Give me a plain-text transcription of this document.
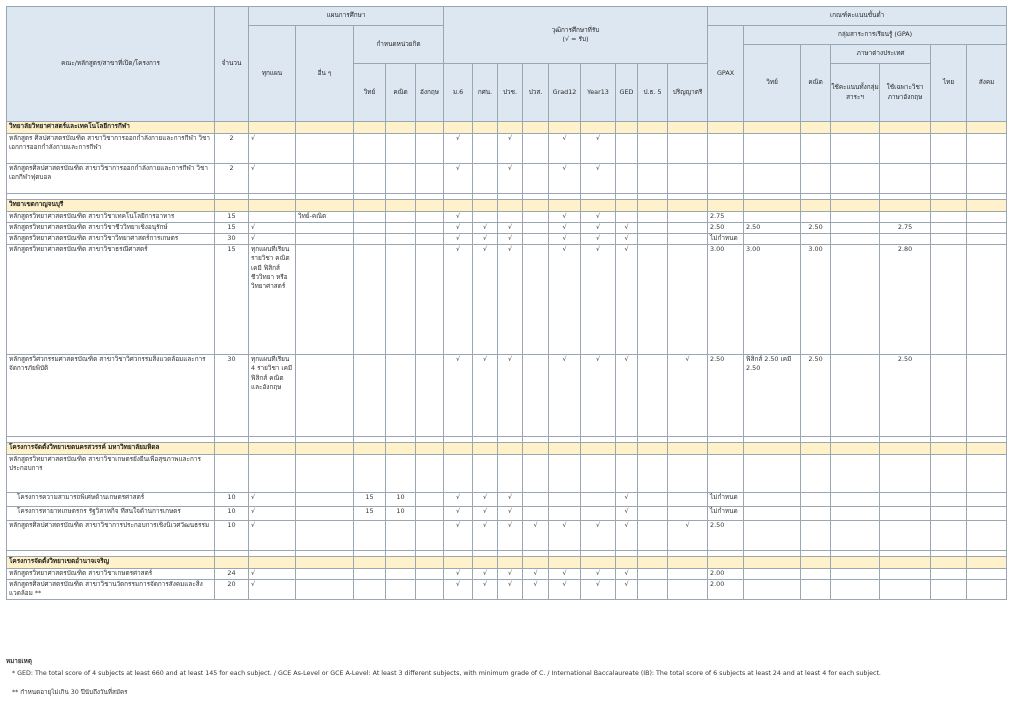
คณะ/หลักสูตร/สาขาที่เปิด/โครงการ	จำนวน	แผนการศึกษา					วุฒิการศึกษาที่รับ
(√ = รับ)									เกณฑ์คะแนนขั้นต่ำ						
		ทุกแผน	อื่น ๆ	กำหนดหน่วยกิต												GPAX	กลุ่มสาระการเรียนรู้ (GPA)					
																	วิทย์	คณิต	ภาษาต่างประเทศ		ไทย	สังคม
				วิทย์	คณิต	อังกฤษ	ม.6	กศน.	ปวช.	ปวส.	Grad12	Year13	GED	ป.ธ. 5	ปริญญาตรี				ใช้คะแนนทั้งกลุ่มสาระฯ	ใช้เฉพาะวิชาภาษาอังกฤษ		
วิทยาลัยวิทยาศาสตร์และเทคโนโลยีการกีฬา																						
หลักสูตร ศิลปศาสตรบัณฑิต สาขาวิชาการออกกำลังกายและการกีฬา วิชาเอกการออกกำลังกายและการกีฬา	2	√					√		√		√	√										
หลักสูตรศิลปศาสตรบัณฑิต สาขาวิชาการออกกำลังกายและการกีฬา วิชาเอกกีฬาฟุตบอล	2	√					√		√		√	√										

วิทยาเขตกาญจนบุรี																						
หลักสูตรวิทยาศาสตรบัณฑิต สาขาวิชาเทคโนโลยีการอาหาร	15		วิทย์-คณิต				√				√	√				2.75						
หลักสูตรวิทยาศาสตรบัณฑิต สาขาวิชาชีววิทยาเชิงอนุรักษ์	15	√					√	√	√		√	√	√			2.50	2.50	2.50		2.75		
หลักสูตรวิทยาศาสตรบัณฑิต สาขาวิชาวิทยาศาสตร์การเกษตร	30	√					√	√	√		√	√	√			ไม่กำหนด						
หลักสูตรวิทยาศาสตรบัณฑิต สาขาวิชาธรณีศาสตร์	15	ทุกแผนที่เรียนรายวิชา คณิต เคมี ฟิสิกส์ ชีววิทยา หรือ วิทยาศาสตร์					√	√	√		√	√	√			3.00	3.00	3.00		2.80		
หลักสูตรวิศวกรรมศาสตรบัณฑิต สาขาวิชาวิศวกรรมสิ่งแวดล้อมและการจัดการภัยพิบัติ	30	ทุกแผนที่เรียน 4 รายวิชา เคมี ฟิสิกส์ คณิต และอังกฤษ					√	√	√		√	√	√		√	2.50	ฟิสิกส์ 2.50 เคมี 2.50	2.50		2.50		

โครงการจัดตั้งวิทยาเขตนครสวรรค์ มหาวิทยาลัยมหิดล																						
หลักสูตรวิทยาศาสตรบัณฑิต สาขาวิชาเกษตรยั่งยืนเพื่อสุขภาพและการประกอบการ																						
โครงการความสามารถพิเศษด้านเกษตรศาสตร์	10	√		15	10		√	√	√				√			ไม่กำหนด						
โครงการทายาทเกษตรกร รัฐวิสาหกิจ ที่สนใจด้านการเกษตร	10	√		15	10		√	√	√				√			ไม่กำหนด						
หลักสูตรศิลปศาสตรบัณฑิต สาขาวิชาการประกอบการเชิงนิเวศวัฒนธรรม	10	√					√	√	√	√	√	√	√		√	2.50						

โครงการจัดตั้งวิทยาเขตอำนาจเจริญ																						
หลักสูตรวิทยาศาสตรบัณฑิต สาขาวิชาเกษตรศาสตร์	24	√					√	√	√	√	√	√	√			2.00						
หลักสูตรศิลปศาสตรบัณฑิต สาขาวิชานวัตกรรมการจัดการสังคมและสิ่งแวดล้อม **	20	√					√	√	√	√	√	√	√			2.00						
หมายเหตุ
* GED: The total score of 4 subjects at least 660 and at least 145 for each subject. / GCE As-Level or GCE A-Level: At least 3 different subjects, with minimum grade of C. / International Baccalaureate (IB): The total score of 6 subjects at least 24 and at least 4 for each subject.
** กำหนดอายุไม่เกิน 30 ปีนับถึงวันที่สมัคร
